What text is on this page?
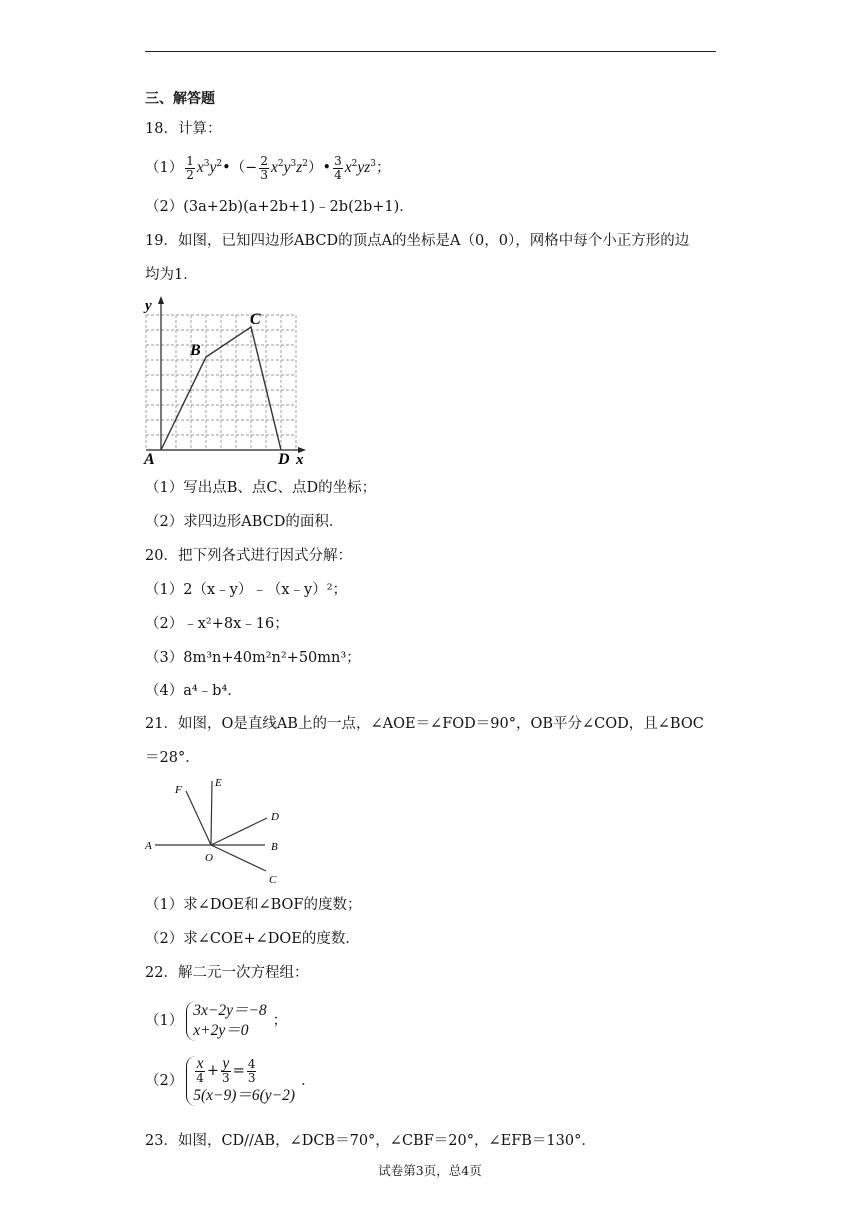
三、解答题
18．计算：
$(1) \frac{1}{2}$ $x^3y^2•(- \frac{2}{3}$ $x^2y^3z^2)• \frac{3}{4} x^2yz^3$；
（2）(3a+2b)(a+2b+1)﹣2b(2b+1)．
19．如图，已知四边形ABCD的顶点A的坐标是A（0，0），网格中每个小正方形的边
均为1．
y
x
A
B
C
D
（1）写出点B、点C、点D的坐标；
（2）求四边形ABCD的面积．
20．把下列各式进行因式分解：
（1）2（x﹣y）﹣（x﹣y）²；
（2）﹣x²+8x﹣16；
（3）8m³n+40m²n²+50mn³；
（4）a⁴﹣b⁴．
21．如图，O是直线AB上的一点，∠AOE＝∠FOD＝90°，OB平分∠COD，且∠BOC
＝28°．
F
E
D
A
O
B
C
（1）求∠DOE和∠BOF的度数；
（2）求∠COE+∠DOE的度数．
22．解二元一次方程组：
（1）
3x−2y＝−8
x+2y＝0
；
$(2) \frac{x}{4} + \frac{y}{3} = \frac{4}{3}$
5(x−9)＝6(y−2)
．
23．如图，CD//AB，∠DCB＝70°，∠CBF＝20°，∠EFB＝130°．
试卷第3页，总4页
